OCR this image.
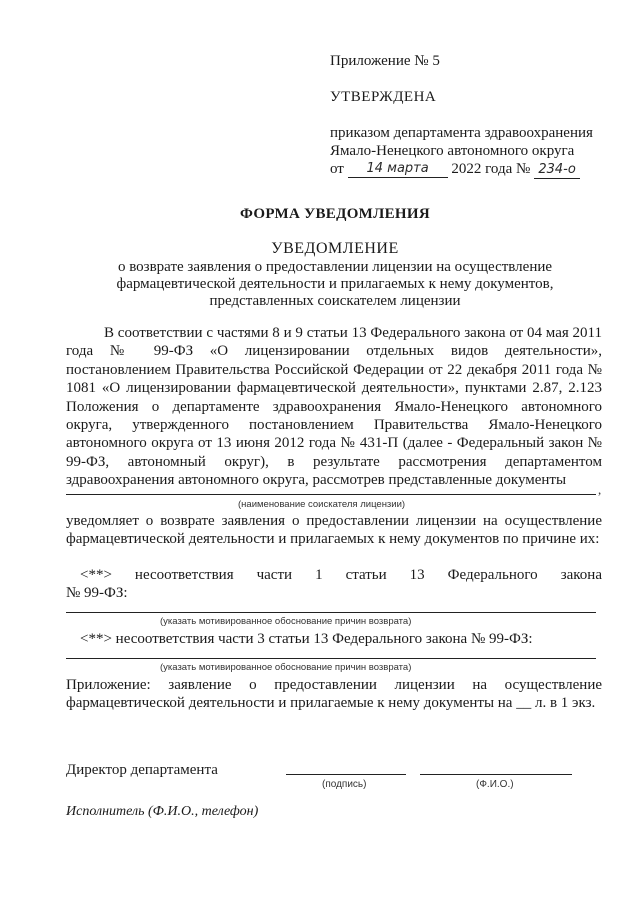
Приложение № 5
УТВЕРЖДЕНА
приказом департамента здравоохранения
Ямало-Ненецкого автономного округа
от 14 марта 2022 года № 234-о
ФОРМА УВЕДОМЛЕНИЯ
УВЕДОМЛЕНИЕ
о возврате заявления о предоставлении лицензии на осуществление
фармацевтической деятельности и прилагаемых к нему документов,
представленных соискателем лицензии
В соответствии с частями 8 и 9 статьи 13 Федерального закона от 04 мая 2011 года № 99-ФЗ «О лицензировании отдельных видов деятельности», постановлением Правительства Российской Федерации от 22 декабря 2011 года № 1081 «О лицензировании фармацевтической деятельности», пунктами 2.87, 2.123 Положения о департаменте здравоохранения Ямало-Ненецкого автономного округа, утвержденного постановлением Правительства Ямало-Ненецкого автономного округа от 13 июня 2012 года № 431-П (далее - Федеральный закон № 99-ФЗ, автономный округ), в результате рассмотрения департаментом здравоохранения автономного округа, рассмотрев представленные документы
,
(наименование соискателя лицензии)
уведомляет о возврате заявления о предоставлении лицензии на осуществление фармацевтической деятельности и прилагаемых к нему документов по причине их:
<**> несоответствия части 1 статьи 13 Федерального закона
№ 99-ФЗ:
(указать мотивированное обоснование причин возврата)
<**> несоответствия части 3 статьи 13 Федерального закона № 99-ФЗ:
(указать мотивированное обоснование причин возврата)
Приложение: заявление о предоставлении лицензии на осуществление фармацевтической деятельности и прилагаемые к нему документы на __ л. в 1 экз.
Директор департамента
(подпись)	(Ф.И.О.)
Исполнитель (Ф.И.О., телефон)
